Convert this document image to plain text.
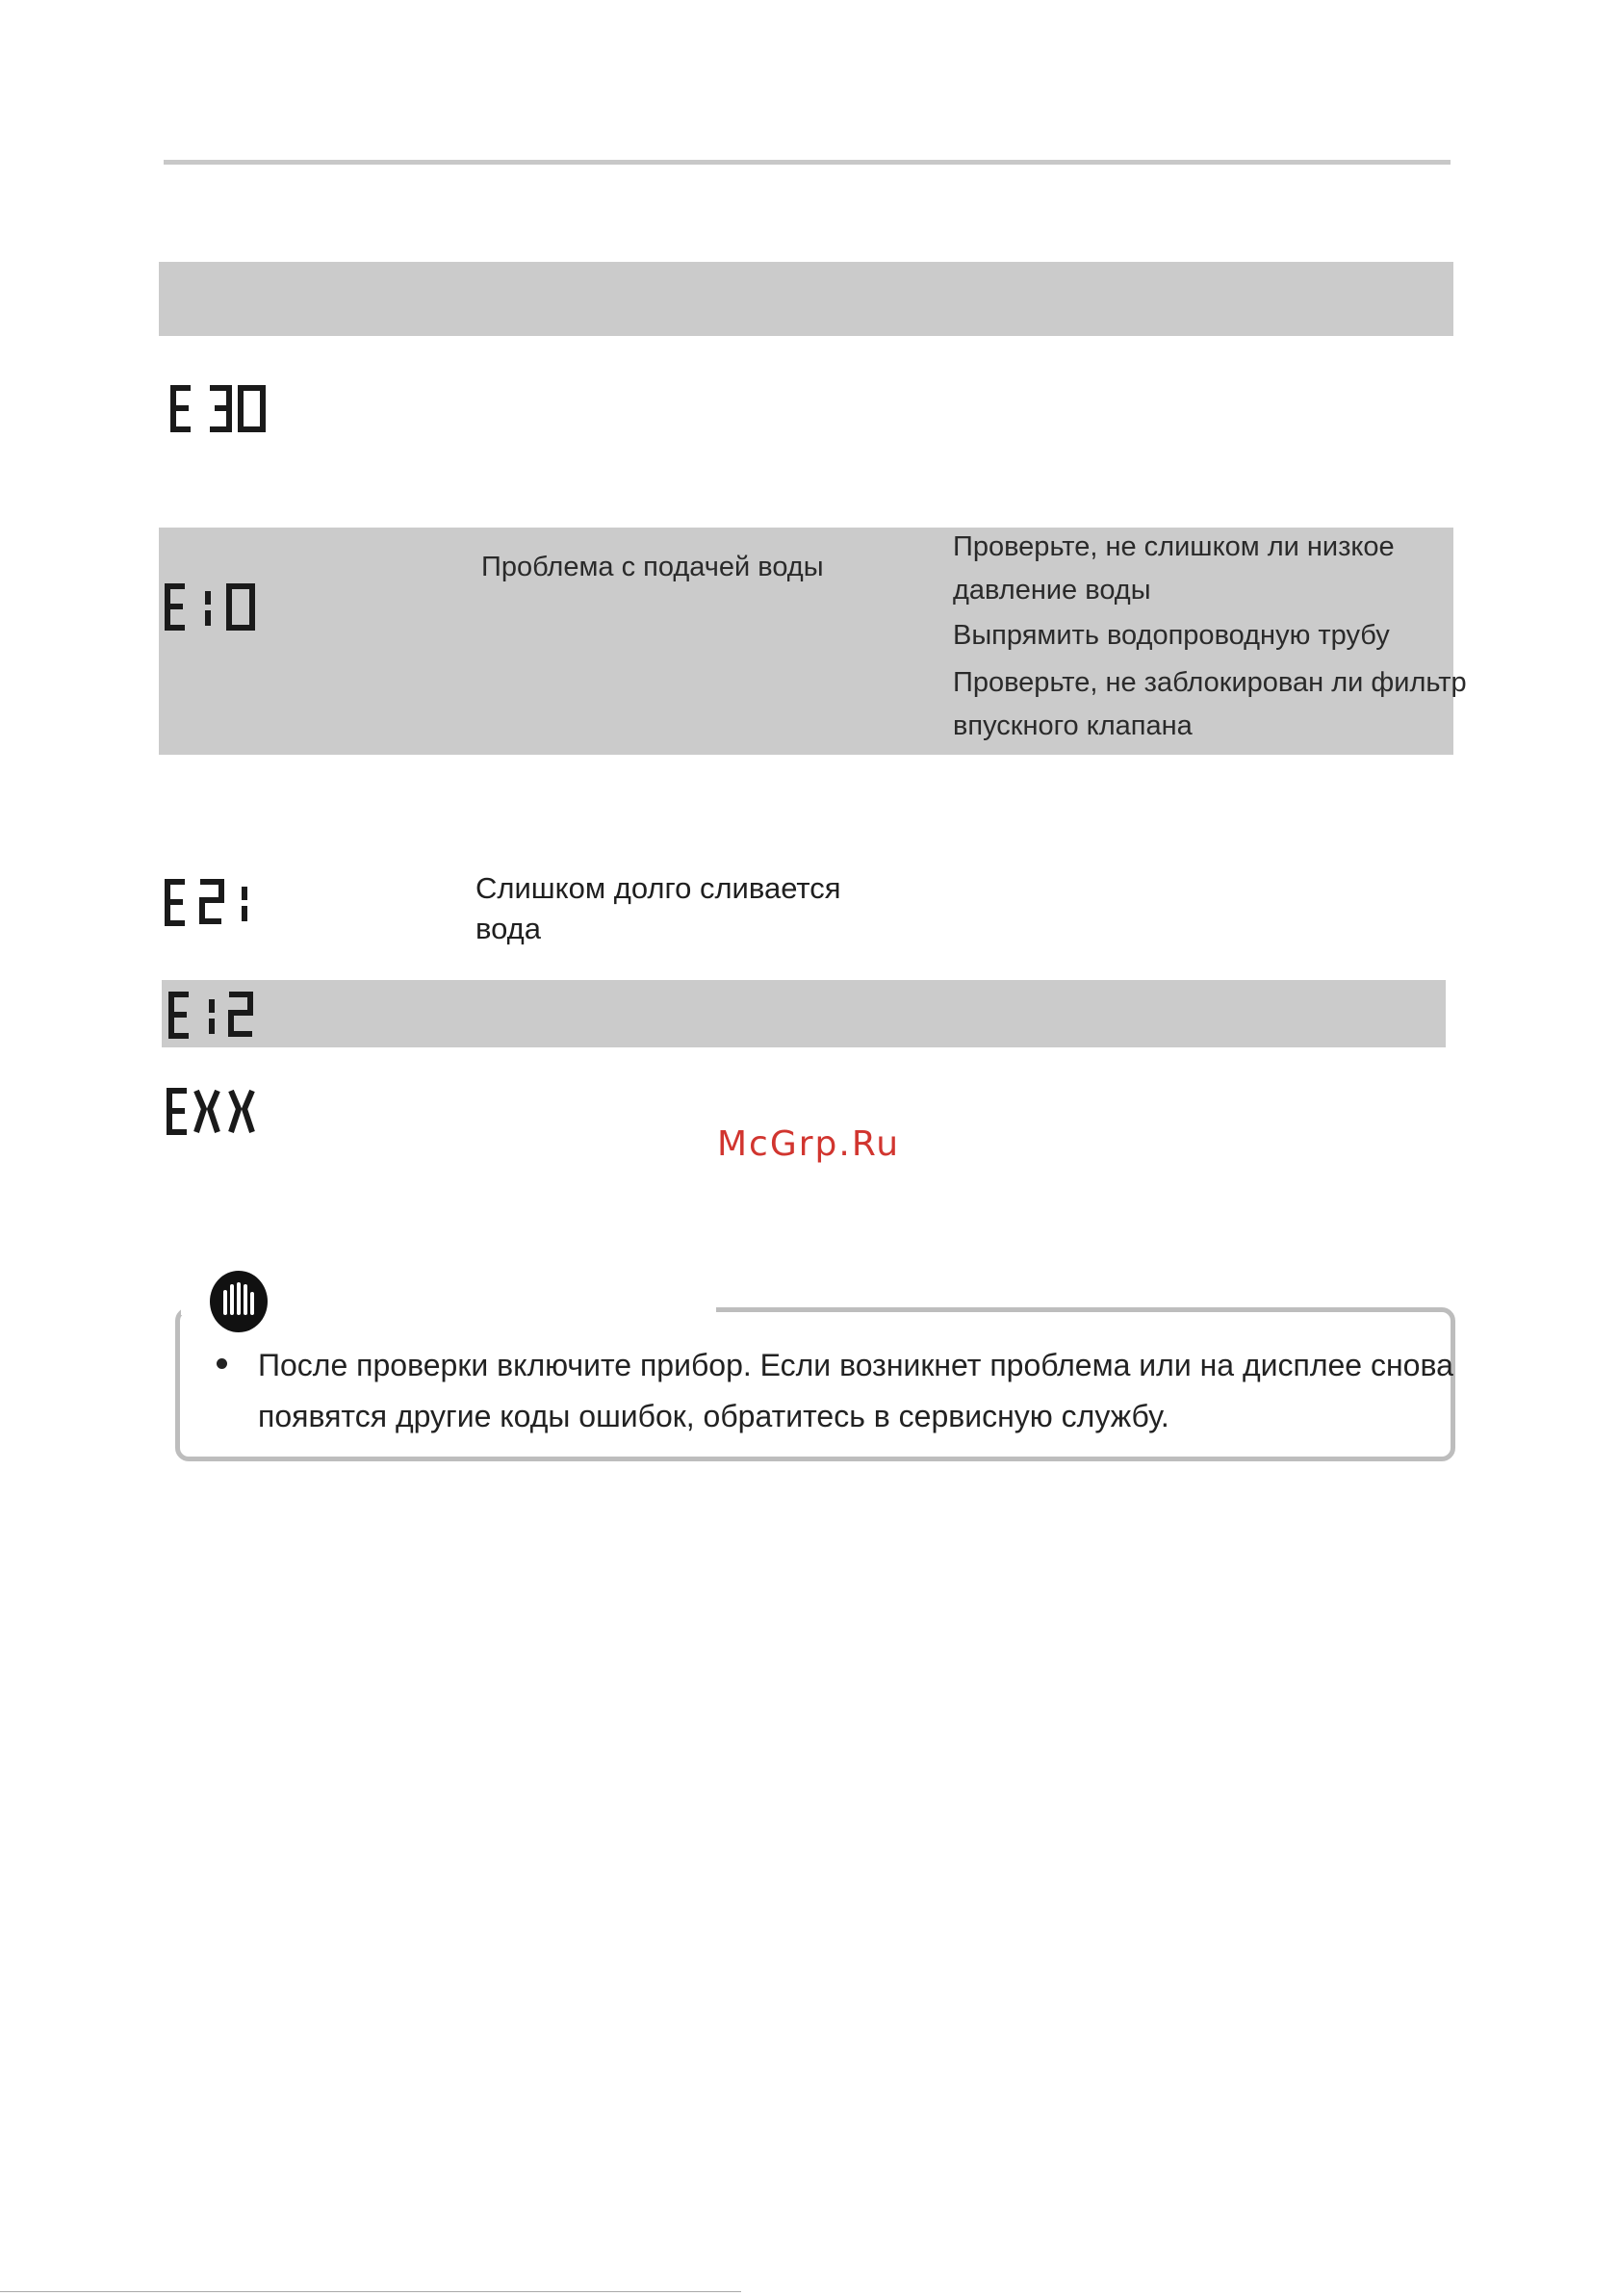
Проблема с подачей воды
Проверьте, не слишком ли низкое
давление воды
Выпрямить водопроводную трубу
Проверьте, не заблокирован ли фильтр
впускного клапана
Слишком долго сливается
вода
McGrp.Ru
После проверки включите прибор. Если возникнет проблема или на дисплее снова
появятся другие коды ошибок, обратитесь в сервисную службу.
